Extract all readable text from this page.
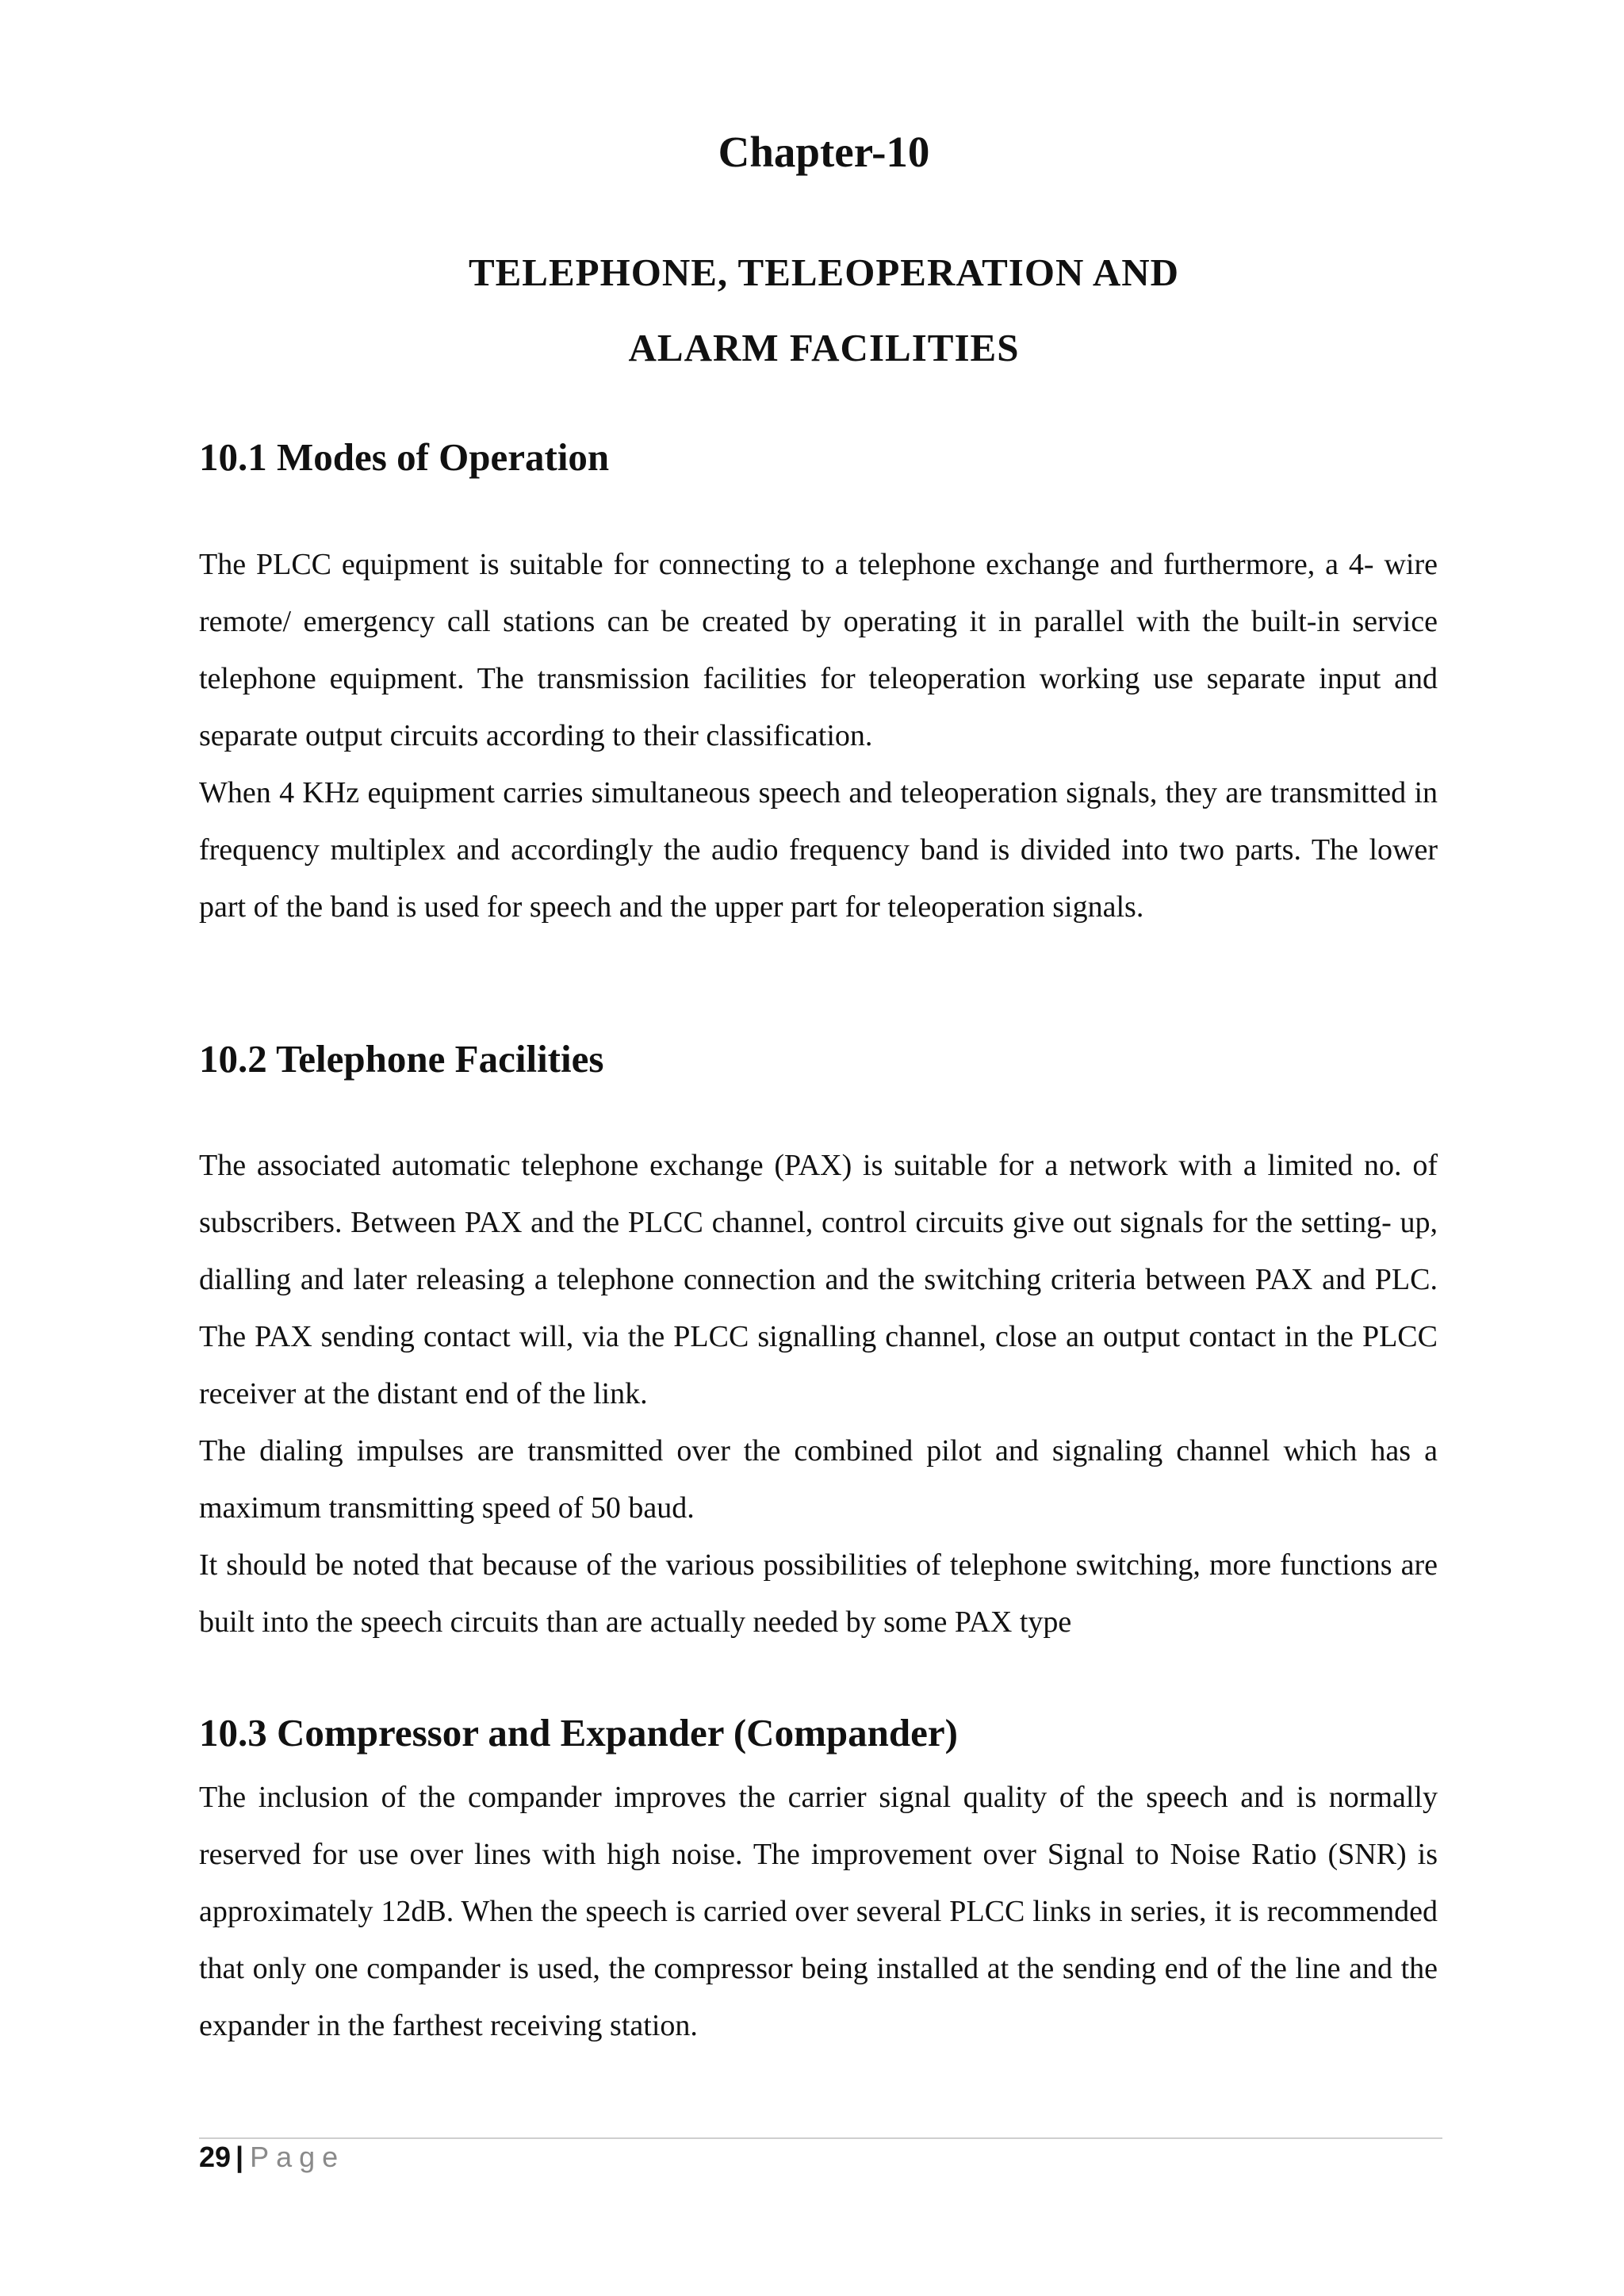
Chapter-10
TELEPHONE, TELEOPERATION AND
ALARM FACILITIES
10.1 Modes of Operation

The PLCC equipment is suitable for connecting to a telephone exchange and furthermore, a 4- wire remote/ emergency call stations can be created by operating it in parallel with the built-in service telephone equipment. The transmission facilities for teleoperation working use separate input and separate output circuits according to their classification.

When 4 KHz equipment carries simultaneous speech and teleoperation signals, they are transmitted in frequency multiplex and accordingly the audio frequency band is divided into two parts. The lower part of the band is used for speech and the upper part for teleoperation signals.

10.2 Telephone Facilities

The associated automatic telephone exchange (PAX) is suitable for a network with a limited no. of subscribers. Between PAX and the PLCC channel, control circuits give out signals for the setting- up, dialling and later releasing a telephone connection and the switching criteria between PAX and PLC. The PAX sending contact will, via the PLCC signalling channel, close an output contact in the PLCC receiver at the distant end of the link.

The dialing impulses are transmitted over the combined pilot and signaling channel which has a maximum transmitting speed of 50 baud.

It should be noted that because of the various possibilities of telephone switching, more functions are built into the speech circuits than are actually needed by some PAX type

10.3 Compressor and Expander (Compander)

The inclusion of the compander improves the carrier signal quality of the speech and is normally reserved for use over lines with high noise. The improvement over Signal to Noise Ratio (SNR) is approximately 12dB. When the speech is carried over several PLCC links in series, it is recommended that only one compander is used, the compressor being installed at the sending end of the line and the expander in the farthest receiving station.

29 | Page
